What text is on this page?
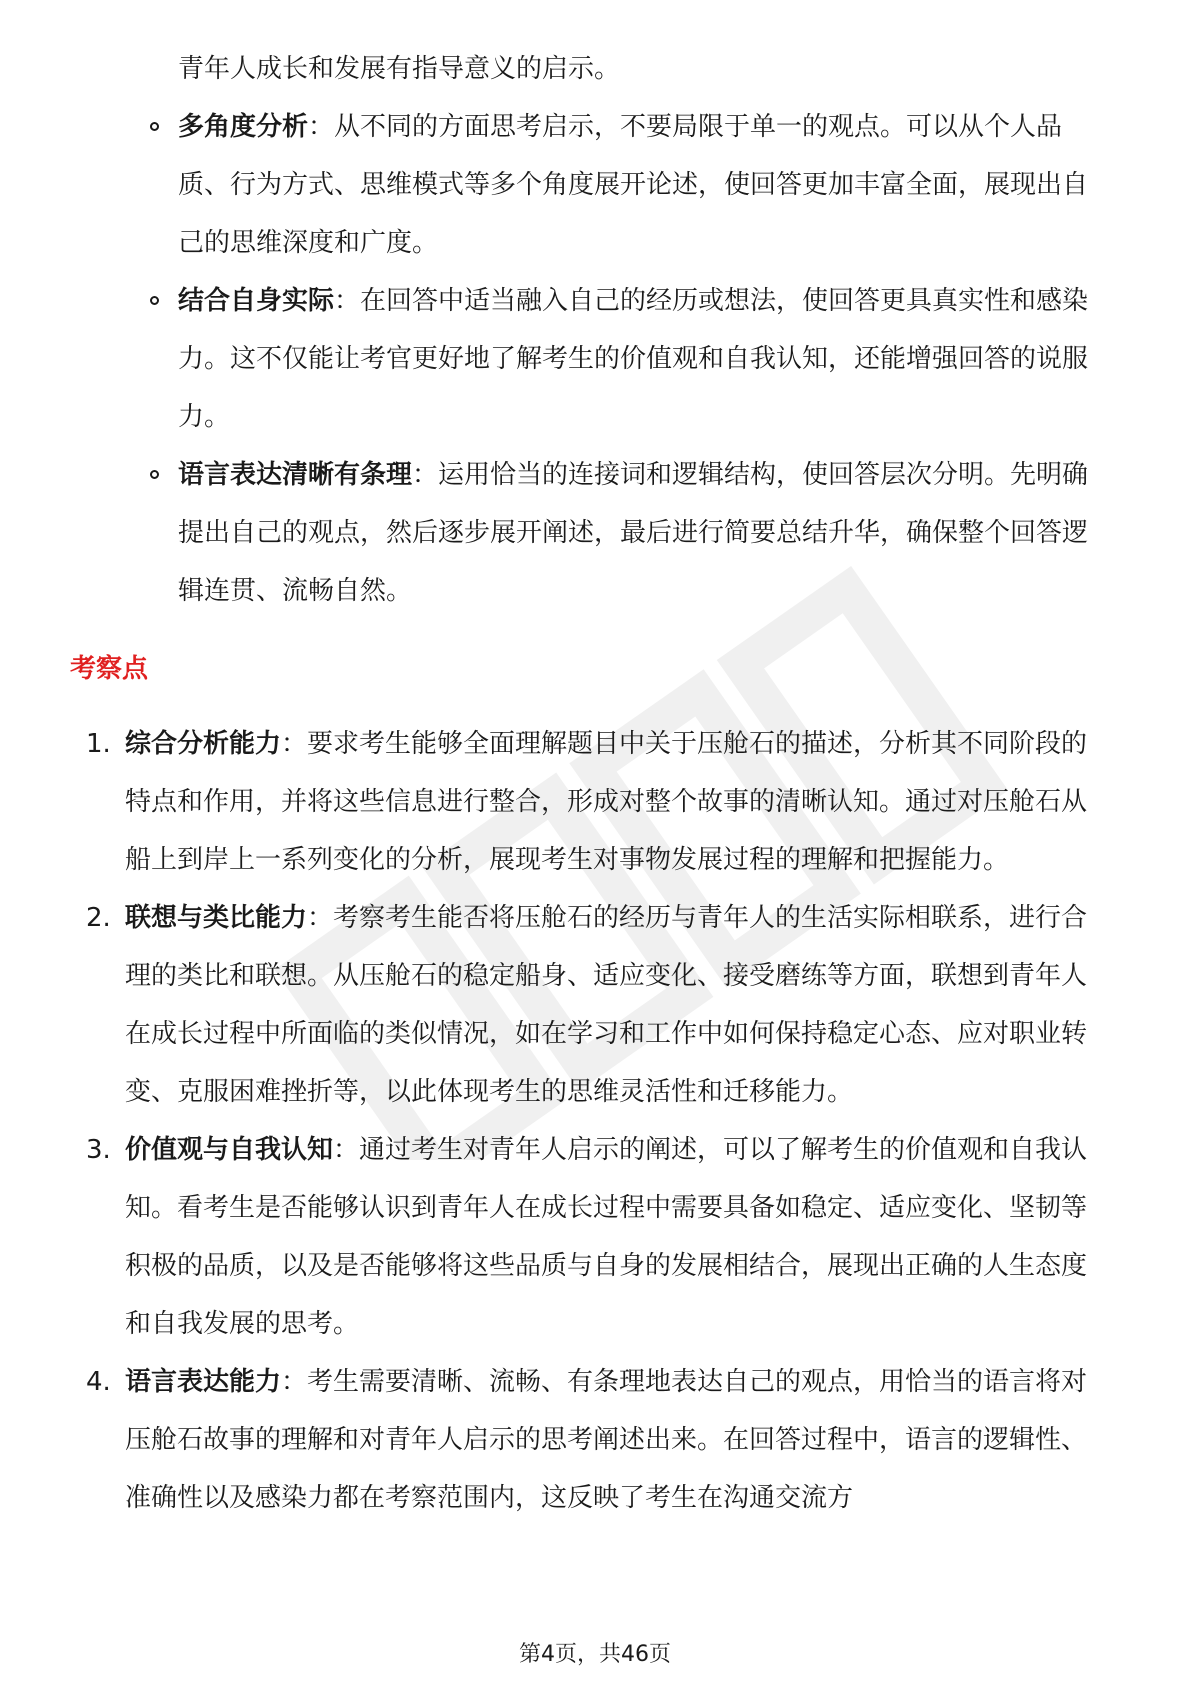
青年人成长和发展有指导意义的启示。

多角度分析：从不同的方面思考启示，不要局限于单一的观点。可以从个人品质、行为方式、思维模式等多个角度展开论述，使回答更加丰富全面，展现出自己的思维深度和广度。
结合自身实际：在回答中适当融入自己的经历或想法，使回答更具真实性和感染力。这不仅能让考官更好地了解考生的价值观和自我认知，还能增强回答的说服力。
语言表达清晰有条理：运用恰当的连接词和逻辑结构，使回答层次分明。先明确提出自己的观点，然后逐步展开阐述，最后进行简要总结升华，确保整个回答逻辑连贯、流畅自然。
考察点
1. 综合分析能力：要求考生能够全面理解题目中关于压舱石的描述，分析其不同阶段的特点和作用，并将这些信息进行整合，形成对整个故事的清晰认知。通过对压舱石从船上到岸上一系列变化的分析，展现考生对事物发展过程的理解和把握能力。
2. 联想与类比能力：考察考生能否将压舱石的经历与青年人的生活实际相联系，进行合理的类比和联想。从压舱石的稳定船身、适应变化、接受磨练等方面，联想到青年人在成长过程中所面临的类似情况，如在学习和工作中如何保持稳定心态、应对职业转变、克服困难挫折等，以此体现考生的思维灵活性和迁移能力。
3. 价值观与自我认知：通过考生对青年人启示的阐述，可以了解考生的价值观和自我认知。看考生是否能够认识到青年人在成长过程中需要具备如稳定、适应变化、坚韧等积极的品质，以及是否能够将这些品质与自身的发展相结合，展现出正确的人生态度和自我发展的思考。
4. 语言表达能力：考生需要清晰、流畅、有条理地表达自己的观点，用恰当的语言将对压舱石故事的理解和对青年人启示的思考阐述出来。在回答过程中，语言的逻辑性、准确性以及感染力都在考察范围内，这反映了考生在沟通交流方
第4页，共46页
